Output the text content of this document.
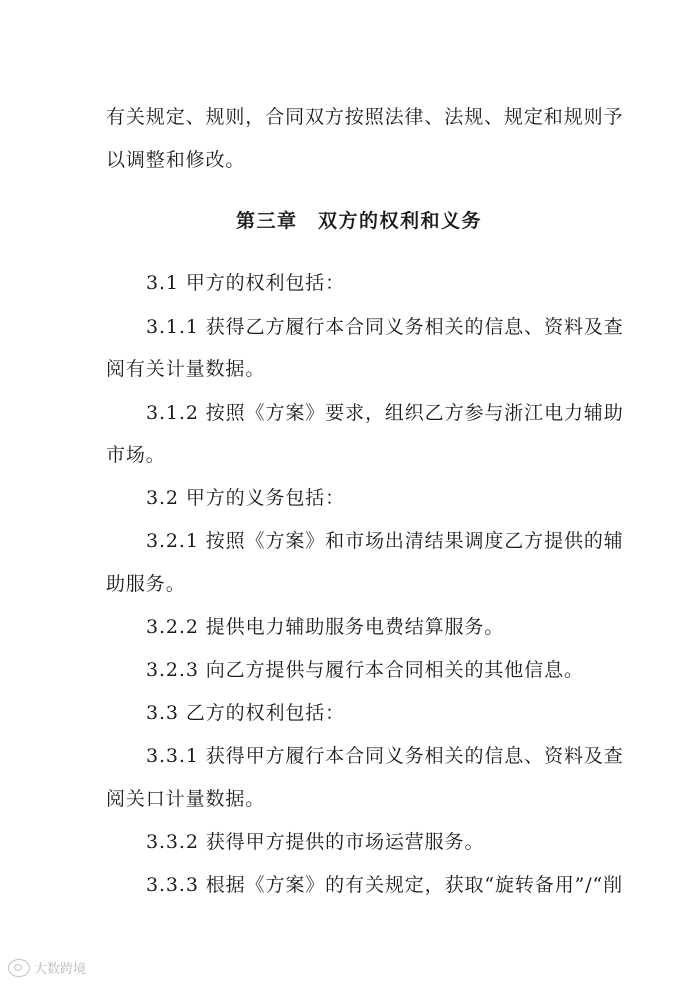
有关规定、规则，合同双方按照法律、法规、规定和规则予
以调整和修改。
第三章　双方的权利和义务
3.1 甲方的权利包括：
3.1.1 获得乙方履行本合同义务相关的信息、资料及查
阅有关计量数据。
3.1.2 按照《方案》要求，组织乙方参与浙江电力辅助
市场。
3.2 甲方的义务包括：
3.2.1 按照《方案》和市场出清结果调度乙方提供的辅
助服务。
3.2.2 提供电力辅助服务电费结算服务。
3.2.3 向乙方提供与履行本合同相关的其他信息。
3.3 乙方的权利包括：
3.3.1 获得甲方履行本合同义务相关的信息、资料及查
阅关口计量数据。
3.3.2 获得甲方提供的市场运营服务。
3.3.3 根据《方案》的有关规定，获取“旋转备用”/“削
大数跨境
